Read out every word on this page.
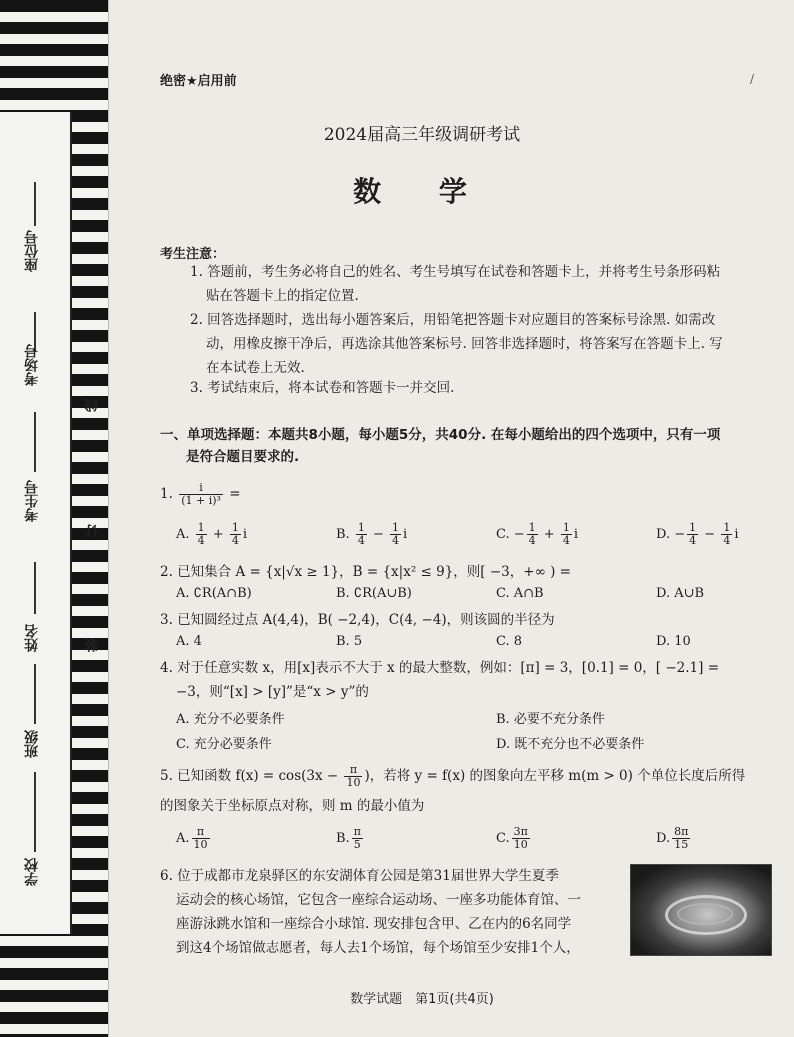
座位号
考场号
考生号
姓名
班级
学校
线
订
装
绝密★启用前	/
2024届高三年级调研考试
数 学
考生注意：
1. 答题前，考生务必将自己的姓名、考生号填写在试卷和答题卡上，并将考生号条形码粘
贴在答题卡上的指定位置.
2. 回答选择题时，选出每小题答案后，用铅笔把答题卡对应题目的答案标号涂黑. 如需改
动，用橡皮擦干净后，再选涂其他答案标号. 回答非选择题时，将答案写在答题卡上. 写
在本试卷上无效.
3. 考试结束后，将本试卷和答题卡一并交回.
一、单项选择题：本题共8小题，每小题5分，共40分. 在每小题给出的四个选项中，只有一项
是符合题目要求的.
1. $\frac{i}{\text{(1 + i)³}}$ =
A. $\frac{1}{4} + \frac{1}{4}$ i	B. $\frac{1}{4} - \frac{1}{4}$ i	C. − $\frac{1}{4} + \frac{1}{4}$ i	D. − $\frac{1}{4} - \frac{1}{4}$ i
2. 已知集合 A = {x|√x ≥ 1}，B = {x|x² ≤ 9}，则[ −3，+∞ ) =
A. ∁R(A∩B)	B. ∁R(A∪B)	C. A∩B	D. A∪B
3. 已知圆经过点 A(4,4)，B( −2,4)，C(4, −4)，则该圆的半径为
A. 4	B. 5	C. 8	D. 10
4. 对于任意实数 x，用[x]表示不大于 x 的最大整数，例如：[π] = 3，[0.1] = 0，[ −2.1] =
−3，则“[x] > [y]”是“x > y”的
A. 充分不必要条件	B. 必要不充分条件
C. 充分必要条件	D. 既不充分也不必要条件
5. 已知函数 $f(x) = \cos(3x - \frac{\pi}{10}$ )，若将 y = f(x) 的图象向左平移 m(m > 0) 个单位长度后所得
的图象关于坐标原点对称，则 m 的最小值为
A. $\frac{\pi}{10}$	B. $\frac{\pi}{5}$	C. $\frac{3\pi}{10}$	D. $\frac{8\pi}{15}$
6. 位于成都市龙泉驿区的东安湖体育公园是第31届世界大学生夏季
运动会的核心场馆，它包含一座综合运动场、一座多功能体育馆、一
座游泳跳水馆和一座综合小球馆. 现安排包含甲、乙在内的6名同学
到这4个场馆做志愿者，每人去1个场馆，每个场馆至少安排1个人，
数学试题　第1页(共4页)
